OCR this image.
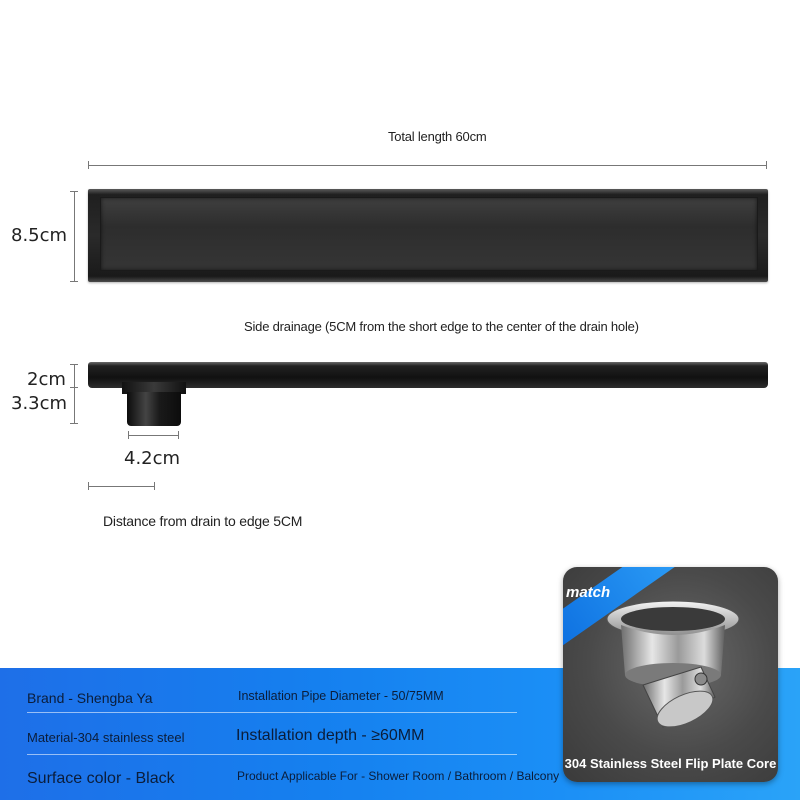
Total length 60cm
8.5cm
Side drainage (5CM from the short edge to the center of the drain hole)
2cm
3.3cm
4.2cm
Distance from drain to edge 5CM
Brand - Shengba Ya	Installation Pipe Diameter - 50/75MM
Material-304 stainless steel	Installation depth - ≥60MM
Surface color - Black	Product Applicable For - Shower Room / Bathroom / Balcony
match
304 Stainless Steel Flip Plate Core
